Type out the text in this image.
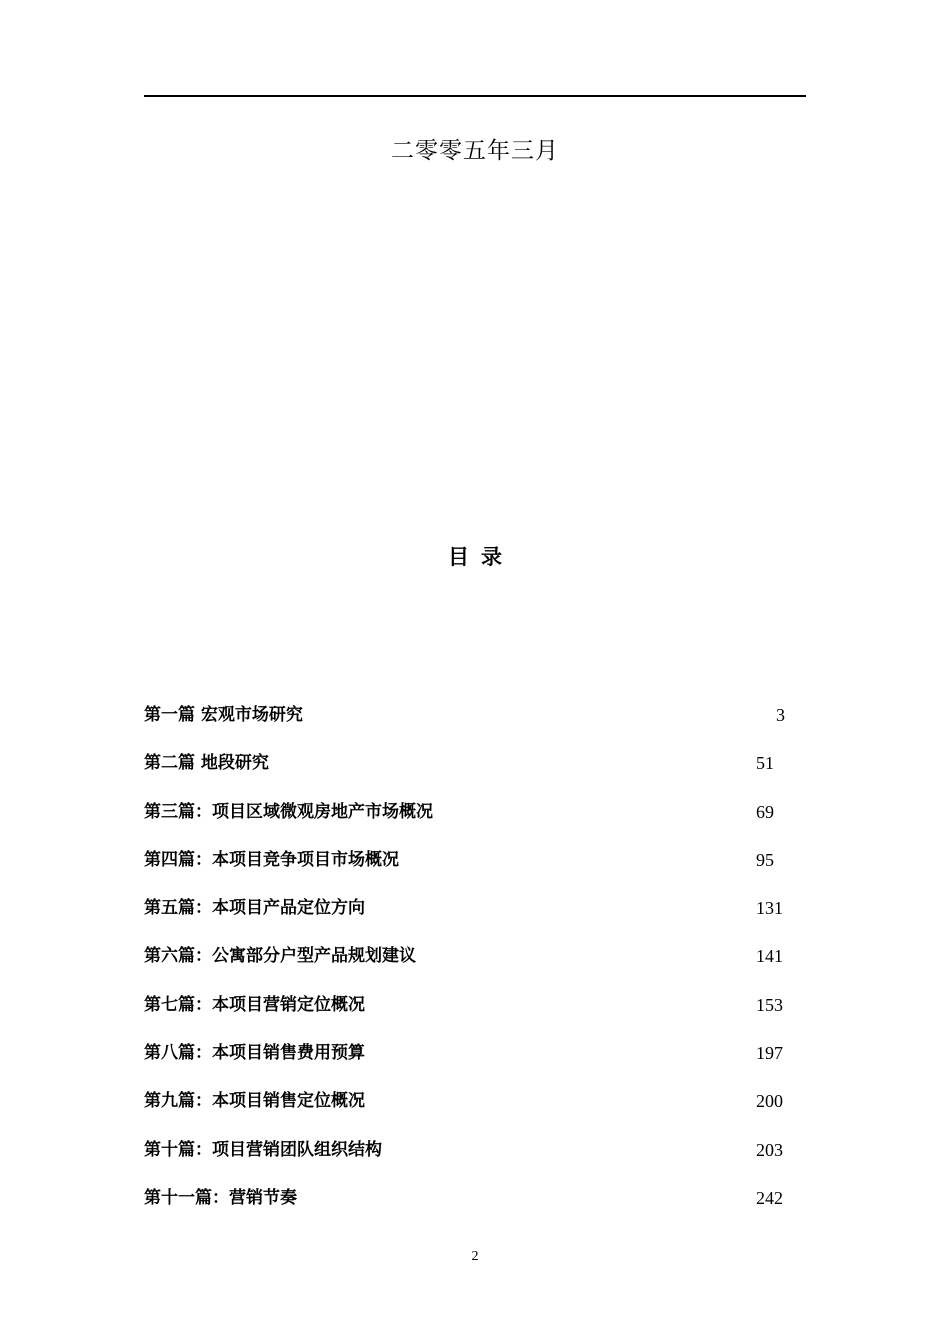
二零零五年三月
目 录
第一篇 宏观市场研究	3
第二篇 地段研究	51
第三篇：项目区域微观房地产市场概况	69
第四篇：本项目竞争项目市场概况	95
第五篇：本项目产品定位方向	131
第六篇：公寓部分户型产品规划建议	141
第七篇：本项目营销定位概况	153
第八篇：本项目销售费用预算	197
第九篇：本项目销售定位概况	200
第十篇：项目营销团队组织结构	203
第十一篇：营销节奏	242
2
